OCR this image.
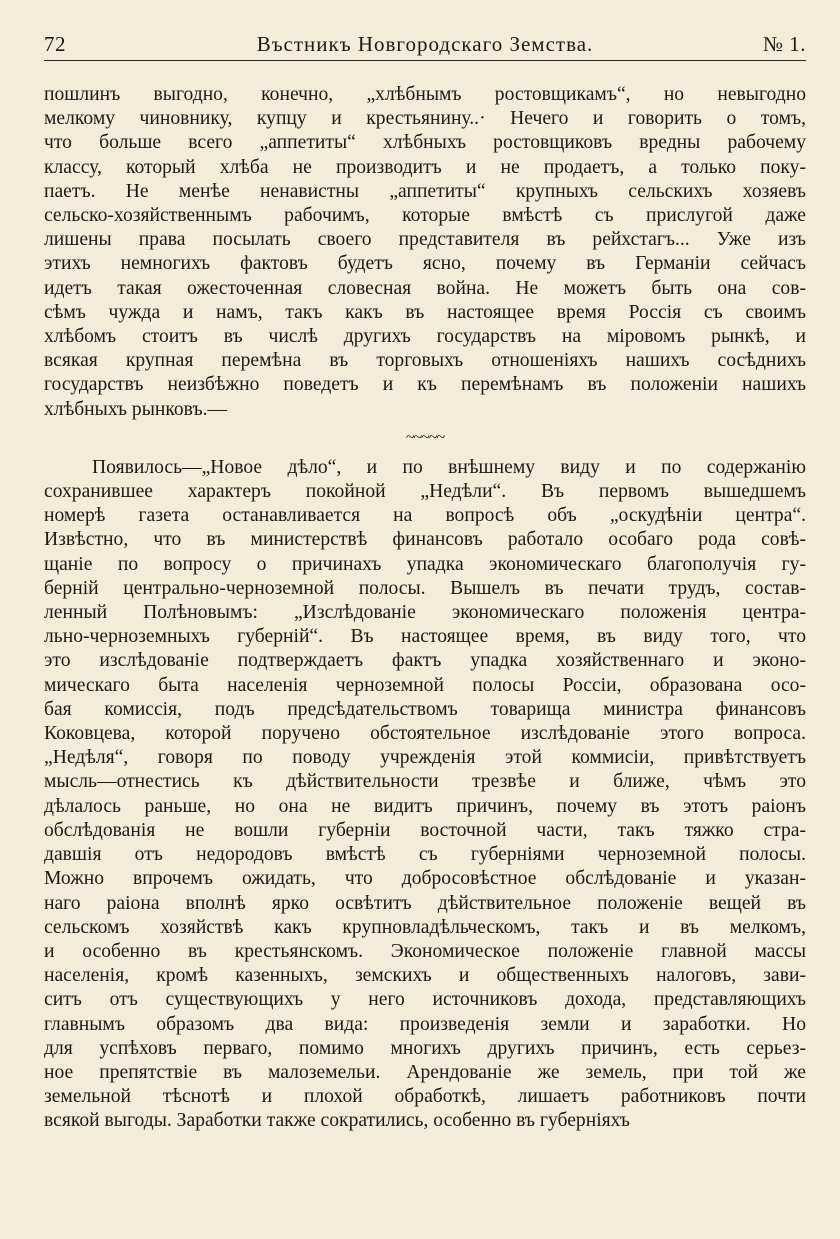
72	Въстникъ Новгородскаго Земства.	№ 1.
пошлинъ выгодно, конечно, „хлѣбнымъ ростовщикамъ“, но невыгодно
мелкому чиновнику, купцу и крестьянину..· Нечего и говорить о томъ,
что больше всего „аппетиты“ хлѣбныхъ ростовщиковъ вредны рабочему
классу, который хлѣба не производитъ и не продаетъ, а только поку-
паетъ. Не менѣе ненавистны „аппетиты“ крупныхъ сельскихъ хозяевъ
сельско-хозяйственнымъ рабочимъ, которые вмѣстѣ съ прислугой даже
лишены права посылать своего представителя въ рейхстагъ... Уже изъ
этихъ немногихъ фактовъ будетъ ясно, почему въ Германіи сейчасъ
идетъ такая ожесточенная словесная война. Не можетъ быть она сов-
сѣмъ чужда и намъ, такъ какъ въ настоящее время Россія съ своимъ
хлѣбомъ стоитъ въ числѣ другихъ государствъ на міровомъ рынкѣ, и
всякая крупная перемѣна въ торговыхъ отношеніяхъ нашихъ сосѣднихъ
государствъ неизбѣжно поведетъ и къ перемѣнамъ въ положеніи нашихъ
хлѣбныхъ рынковъ.—
~~~~~
Появилось—„Новое дѣло“, и по внѣшнему виду и по содержанію
сохранившее характеръ покойной „Недѣли“. Въ первомъ вышедшемъ
номерѣ газета останавливается на вопросѣ объ „оскудѣніи центра“.
Извѣстно, что въ министерствѣ финансовъ работало особаго рода совѣ-
щаніе по вопросу о причинахъ упадка экономическаго благополучія гу-
берній центрально-черноземной полосы. Вышелъ въ печати трудъ, состав-
ленный Полѣновымъ: „Изслѣдованіе экономическаго положенія центра-
льно-черноземныхъ губерній“. Въ настоящее время, въ виду того, что
это изслѣдованіе подтверждаетъ фактъ упадка хозяйственнаго и эконо-
мическаго быта населенія черноземной полосы Россіи, образована осо-
бая комиссія, подъ предсѣдательствомъ товарища министра финансовъ
Коковцева, которой поручено обстоятельное изслѣдованіе этого вопроса.
„Недѣля“, говоря по поводу учрежденія этой коммисіи, привѣтствуетъ
мысль—отнестись къ дѣйствительности трезвѣе и ближе, чѣмъ это
дѣлалось раньше, но она не видитъ причинъ, почему въ этотъ раіонъ
обслѣдованія не вошли губерніи восточной части, такъ тяжко стра-
давшія отъ недородовъ вмѣстѣ съ губерніями черноземной полосы.
Можно впрочемъ ожидать, что добросовѣстное обслѣдованіе и указан-
наго раіона вполнѣ ярко освѣтитъ дѣйствительное положеніе вещей въ
сельскомъ хозяйствѣ какъ крупновладѣльческомъ, такъ и въ мелкомъ,
и особенно въ крестьянскомъ. Экономическое положеніе главной массы
населенія, кромѣ казенныхъ, земскихъ и общественныхъ налоговъ, зави-
ситъ отъ существующихъ у него источниковъ дохода, представляющихъ
главнымъ образомъ два вида: произведенія земли и заработки. Но
для успѣховъ перваго, помимо многихъ другихъ причинъ, есть серьез-
ное препятствіе въ малоземельи. Арендованіе же земель, при той же
земельной тѣснотѣ и плохой обработкѣ, лишаетъ работниковъ почти
всякой выгоды. Заработки также сократились, особенно въ губерніяхъ
